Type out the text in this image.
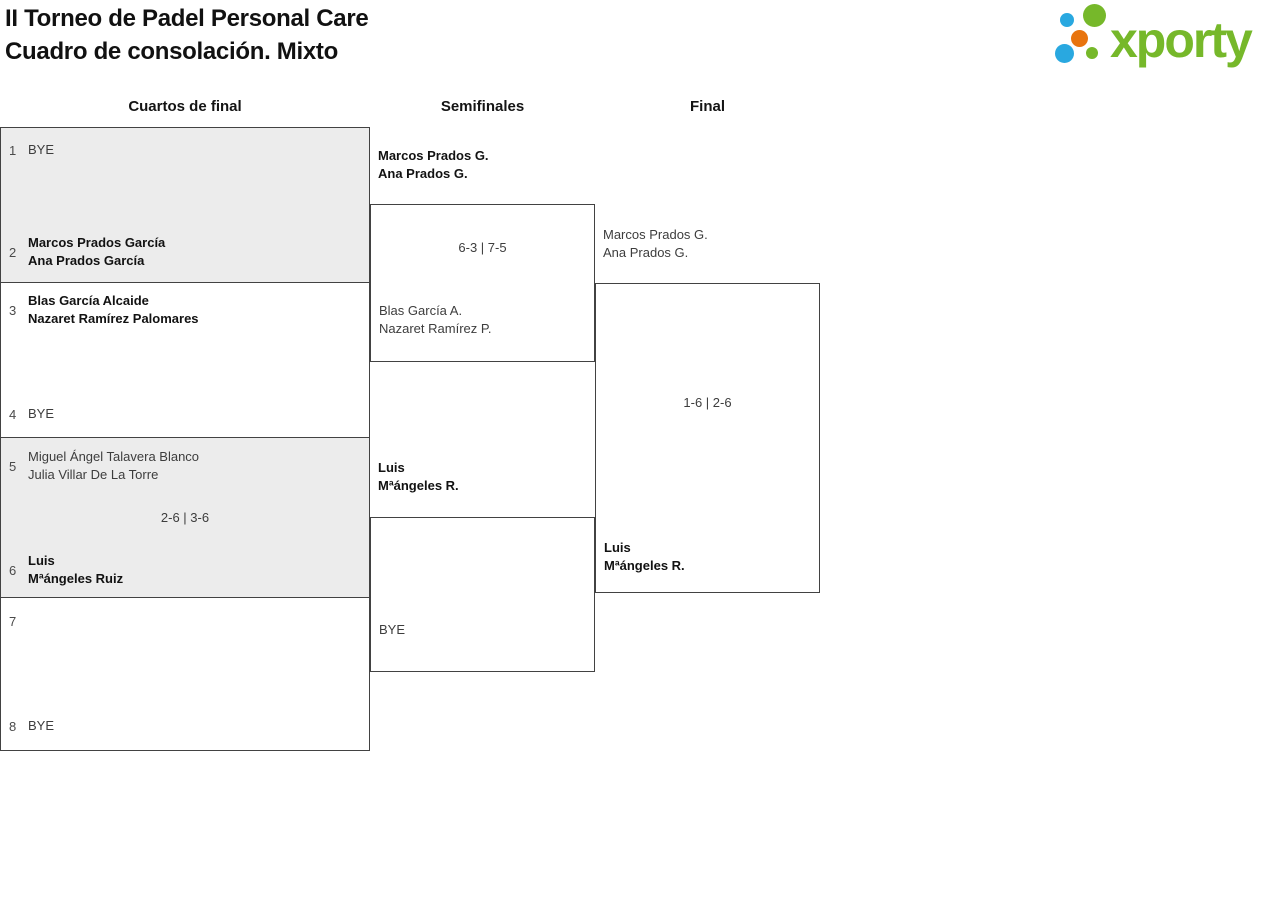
II Torneo de Padel Personal Care
Cuadro de consolación. Mixto	xporty
Cuartos de final	Semifinales	Final
1 BYE
2
Marcos Prados García
Ana Prados García
3
Blas García Alcaide
Nazaret Ramírez Palomares
4 BYE
5
Miguel Ángel Talavera Blanco
Julia Villar De La Torre
2-6 | 3-6
6
Luis
Mªángeles Ruiz
7
8 BYE
Marcos Prados G.
Ana Prados G.
6-3 | 7-5
Blas García A.
Nazaret Ramírez P.
Luis
Mªángeles R.
BYE
Marcos Prados G.
Ana Prados G.
1-6 | 2-6
Luis
Mªángeles R.
